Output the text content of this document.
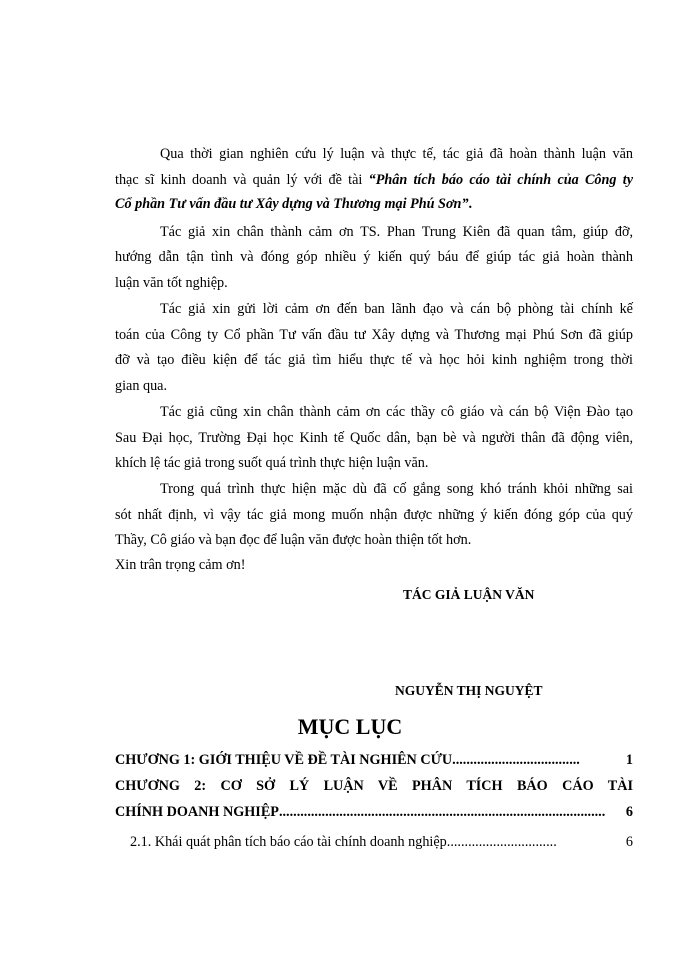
Qua thời gian nghiên cứu lý luận và thực tế, tác giả đã hoàn thành luận văn
thạc sĩ kinh doanh và quản lý với đề tài “Phân tích báo cáo tài chính của Công ty
Cổ phần Tư vấn đầu tư Xây dựng và Thương mại Phú Sơn”.
Tác giả xin chân thành cảm ơn TS. Phan Trung Kiên đã quan tâm, giúp đỡ,
hướng dẫn tận tình và đóng góp nhiều ý kiến quý báu để giúp tác giả hoàn thành
luận văn tốt nghiệp.
Tác giả xin gửi lời cảm ơn đến ban lãnh đạo và cán bộ phòng tài chính kế
toán của Công ty Cổ phần Tư vấn đầu tư Xây dựng và Thương mại Phú Sơn đã giúp
đỡ và tạo điều kiện để tác giả tìm hiểu thực tế và học hỏi kinh nghiệm trong thời
gian qua.
Tác giả cũng xin chân thành cảm ơn các thầy cô giáo và cán bộ Viện Đào tạo
Sau Đại học, Trường Đại học Kinh tế Quốc dân, bạn bè và người thân đã động viên,
khích lệ tác giả trong suốt quá trình thực hiện luận văn.
Trong quá trình thực hiện mặc dù đã cố gắng song khó tránh khỏi những sai
sót nhất định, vì vậy tác giả mong muốn nhận được những ý kiến đóng góp của quý
Thầy, Cô giáo và bạn đọc để luận văn được hoàn thiện tốt hơn.
Xin trân trọng cảm ơn!
TÁC GIẢ LUẬN VĂN
NGUYỄN THỊ NGUYỆT
MỤC LỤC
CHƯƠNG 1: GIỚI THIỆU VỀ ĐỀ TÀI NGHIÊN CỨU ....................................	1
CHƯƠNG 2: CƠ SỞ LÝ LUẬN VỀ PHÂN TÍCH BÁO CÁO TÀI
CHÍNH DOANH NGHIỆP ............................................................................................	6
2.1. Khái quát phân tích báo cáo tài chính doanh nghiệp. ..............................	6
